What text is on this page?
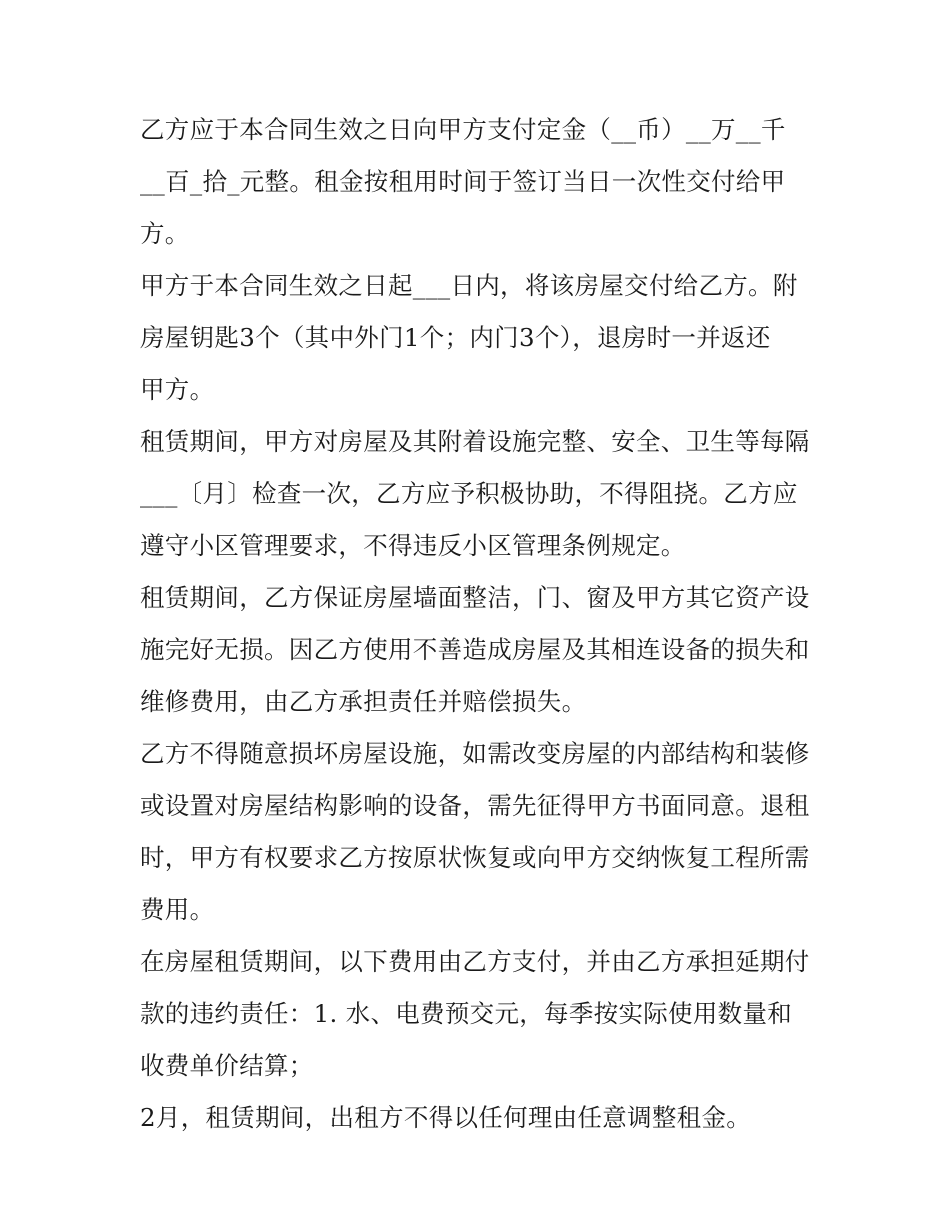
乙方应于本合同生效之日向甲方支付定金（__币）__万__千
__百_拾_元整。租金按租用时间于签订当日一次性交付给甲
方。
甲方于本合同生效之日起___日内，将该房屋交付给乙方。附
房屋钥匙3个（其中外门1个；内门3个），退房时一并返还
甲方。
租赁期间，甲方对房屋及其附着设施完整、安全、卫生等每隔
___〔月〕检查一次，乙方应予积极协助，不得阻挠。乙方应
遵守小区管理要求，不得违反小区管理条例规定。
租赁期间，乙方保证房屋墙面整洁，门、窗及甲方其它资产设
施完好无损。因乙方使用不善造成房屋及其相连设备的损失和
维修费用，由乙方承担责任并赔偿损失。
乙方不得随意损坏房屋设施，如需改变房屋的内部结构和装修
或设置对房屋结构影响的设备，需先征得甲方书面同意。退租
时，甲方有权要求乙方按原状恢复或向甲方交纳恢复工程所需
费用。
在房屋租赁期间，以下费用由乙方支付，并由乙方承担延期付
款的违约责任：1. 水、电费预交元，每季按实际使用数量和
收费单价结算；
2月，租赁期间，出租方不得以任何理由任意调整租金。
